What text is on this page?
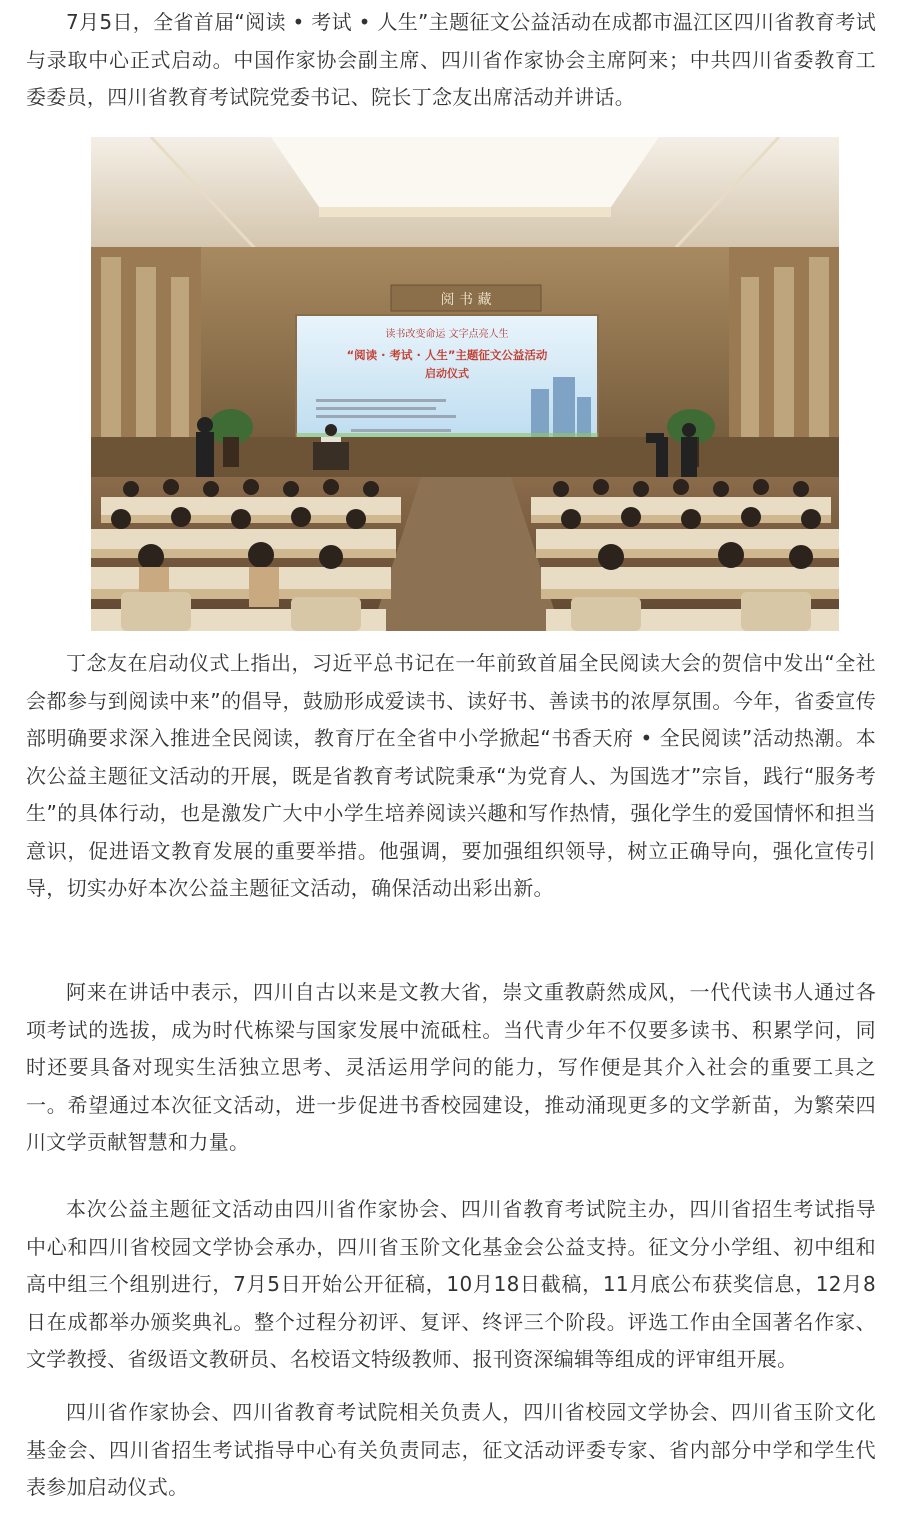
7月5日，全省首届“阅读 • 考试 • 人生”主题征文公益活动在成都市温江区四川省教育考试与录取中心正式启动。中国作家协会副主席、四川省作家协会主席阿来；中共四川省委教育工委委员，四川省教育考试院党委书记、院长丁念友出席活动并讲话。

阅 书 藏
读书改变命运 文字点亮人生
“阅读 · 考试 · 人生”主题征文公益活动
启动仪式

丁念友在启动仪式上指出，习近平总书记在一年前致首届全民阅读大会的贺信中发出“全社会都参与到阅读中来”的倡导，鼓励形成爱读书、读好书、善读书的浓厚氛围。今年，省委宣传部明确要求深入推进全民阅读，教育厅在全省中小学掀起“书香天府 • 全民阅读”活动热潮。本次公益主题征文活动的开展，既是省教育考试院秉承“为党育人、为国选才”宗旨，践行“服务考生”的具体行动，也是激发广大中小学生培养阅读兴趣和写作热情，强化学生的爱国情怀和担当意识，促进语文教育发展的重要举措。他强调，要加强组织领导，树立正确导向，强化宣传引导，切实办好本次公益主题征文活动，确保活动出彩出新。

阿来在讲话中表示，四川自古以来是文教大省，崇文重教蔚然成风，一代代读书人通过各项考试的选拔，成为时代栋梁与国家发展中流砥柱。当代青少年不仅要多读书、积累学问，同时还要具备对现实生活独立思考、灵活运用学问的能力，写作便是其介入社会的重要工具之一。希望通过本次征文活动，进一步促进书香校园建设，推动涌现更多的文学新苗，为繁荣四川文学贡献智慧和力量。

本次公益主题征文活动由四川省作家协会、四川省教育考试院主办，四川省招生考试指导中心和四川省校园文学协会承办，四川省玉阶文化基金会公益支持。征文分小学组、初中组和高中组三个组别进行，7月5日开始公开征稿，10月18日截稿，11月底公布获奖信息，12月8日在成都举办颁奖典礼。整个过程分初评、复评、终评三个阶段。评选工作由全国著名作家、文学教授、省级语文教研员、名校语文特级教师、报刊资深编辑等组成的评审组开展。

四川省作家协会、四川省教育考试院相关负责人，四川省校园文学协会、四川省玉阶文化基金会、四川省招生考试指导中心有关负责同志，征文活动评委专家、省内部分中学和学生代表参加启动仪式。
